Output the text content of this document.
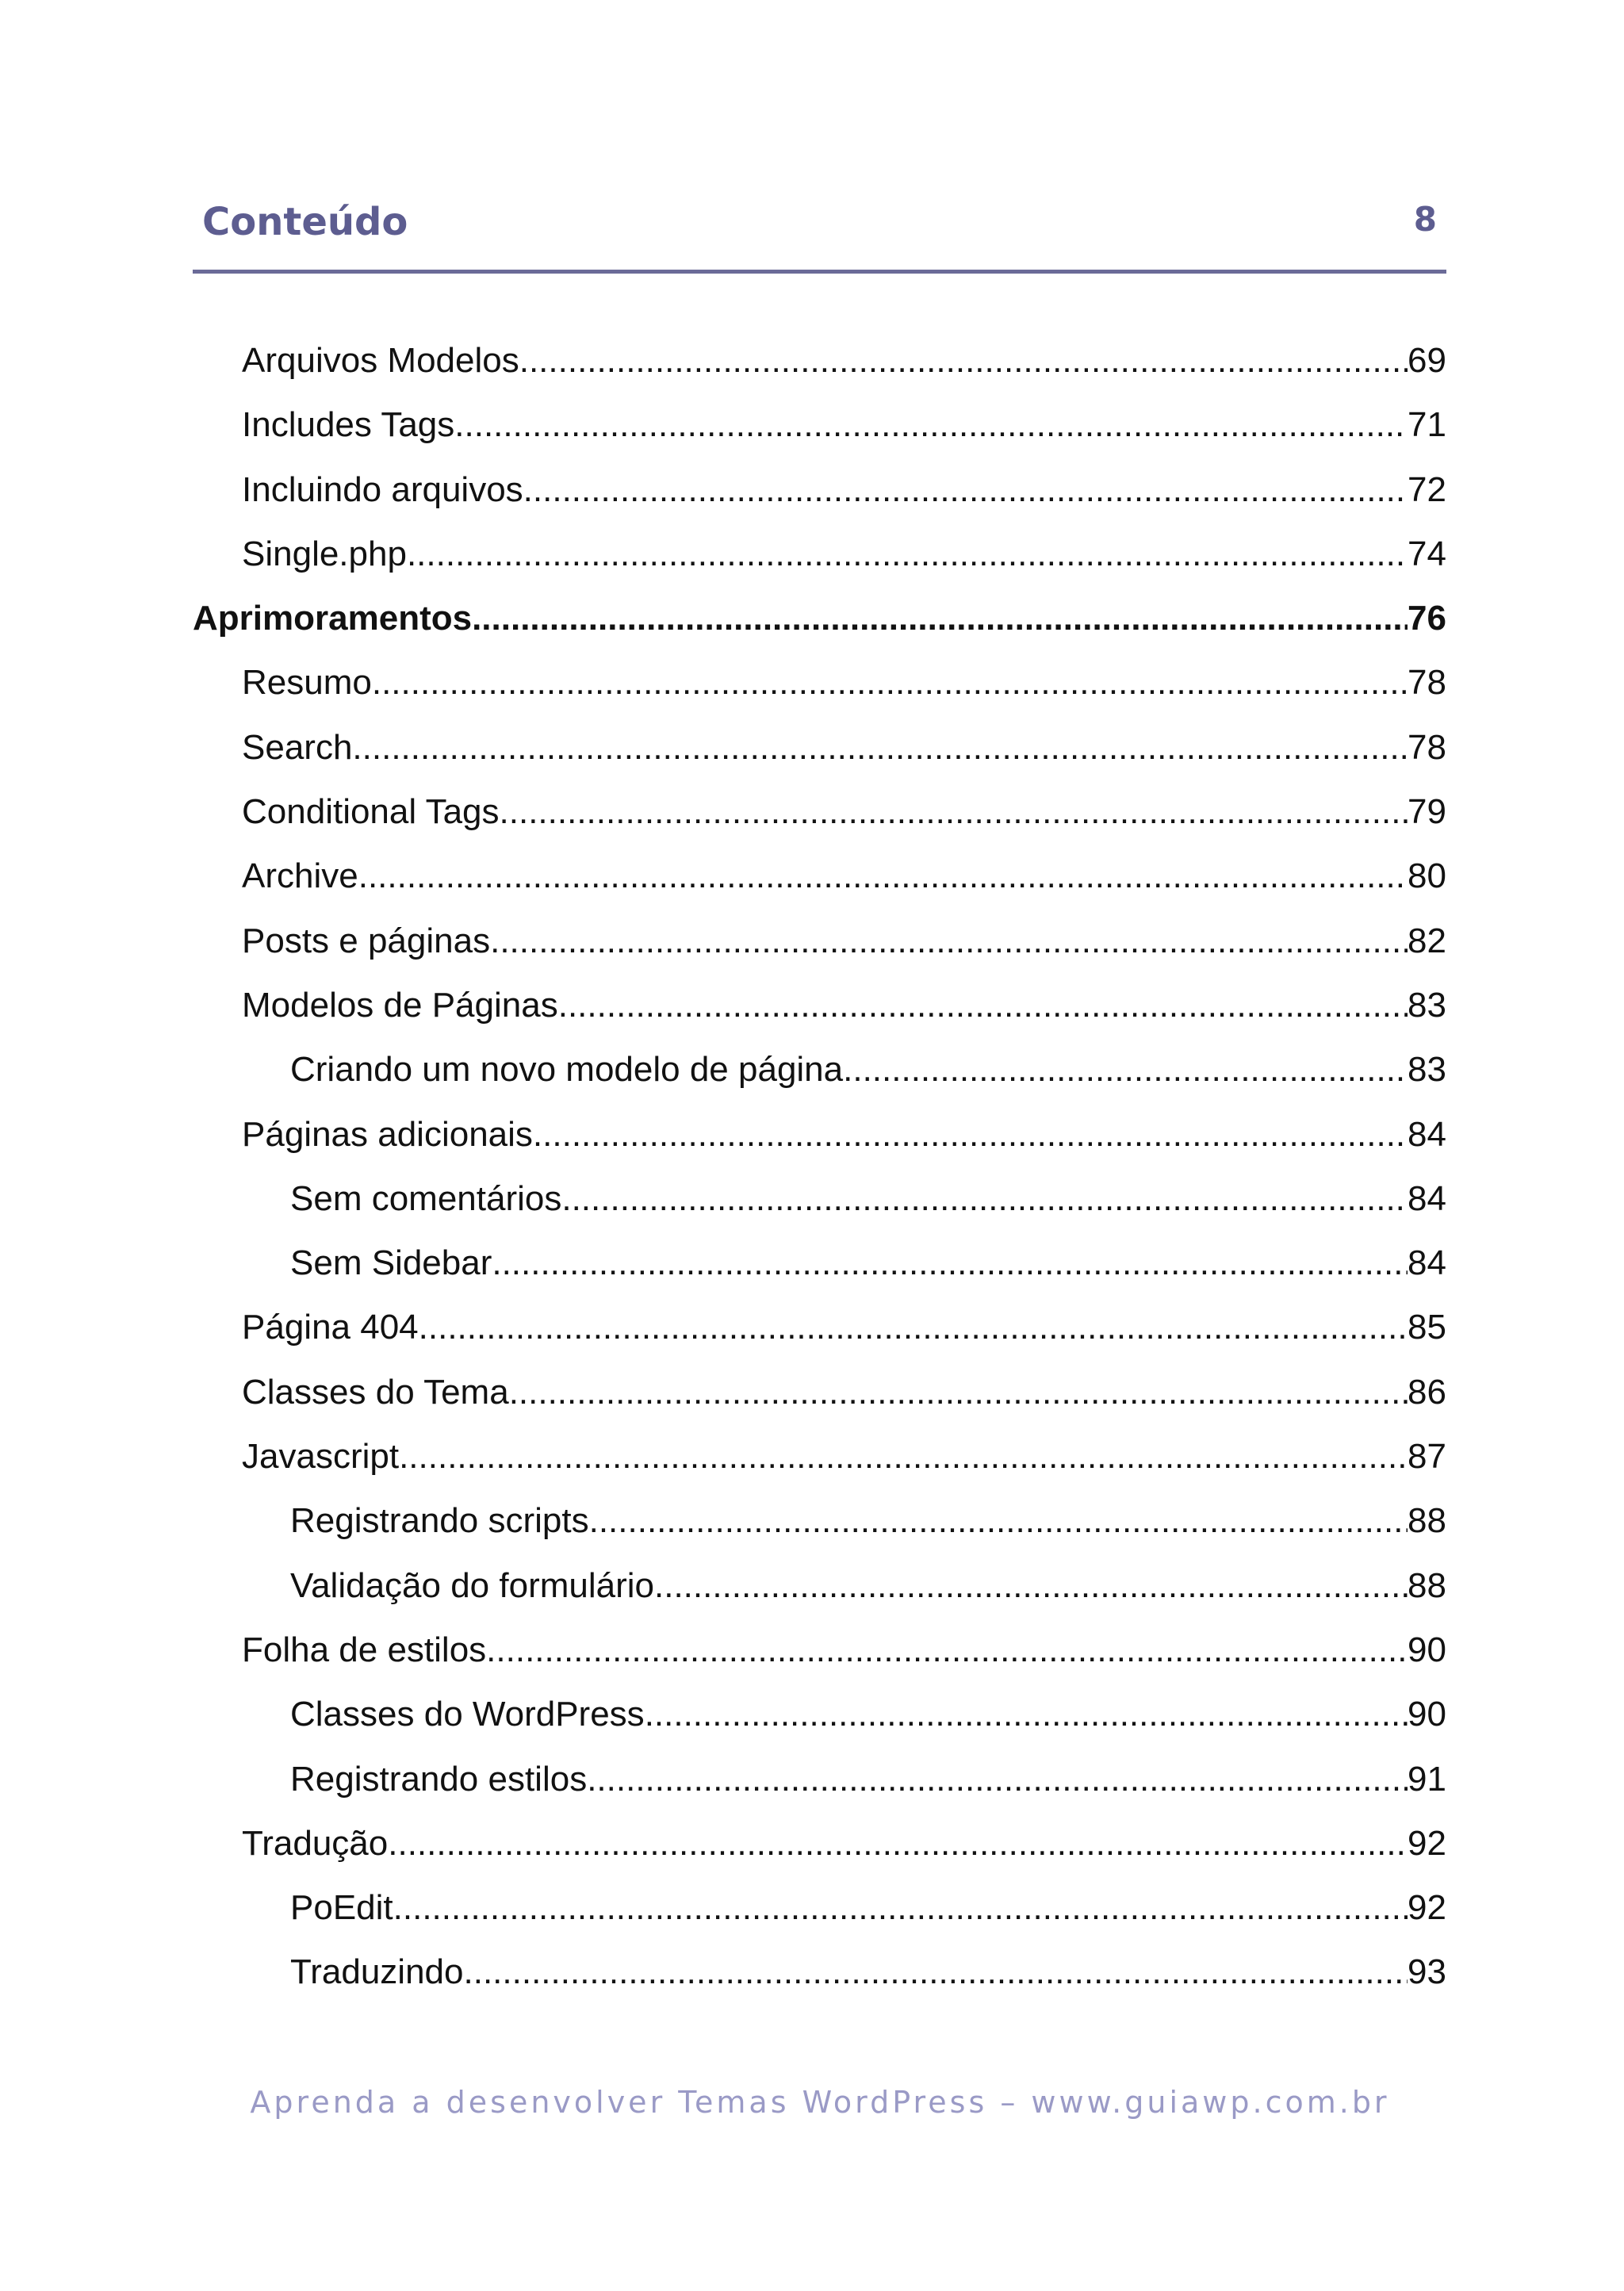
Conteúdo	8
Arquivos Modelos .....	69
Includes Tags .....	71
Incluindo arquivos .....	72
Single.php .....	74
Aprimoramentos .....	76
Resumo .....	78
Search .....	78
Conditional Tags .....	79
Archive .....	80
Posts e páginas .....	82
Modelos de Páginas .....	83
Criando um novo modelo de página .....	83
Páginas adicionais .....	84
Sem comentários .....	84
Sem Sidebar .....	84
Página 404 .....	85
Classes do Tema .....	86
Javascript .....	87
Registrando scripts .....	88
Validação do formulário .....	88
Folha de estilos .....	90
Classes do WordPress .....	90
Registrando estilos .....	91
Tradução .....	92
PoEdit .....	92
Traduzindo .....	93
Aprenda a desenvolver Temas WordPress – www.guiawp.com.br
